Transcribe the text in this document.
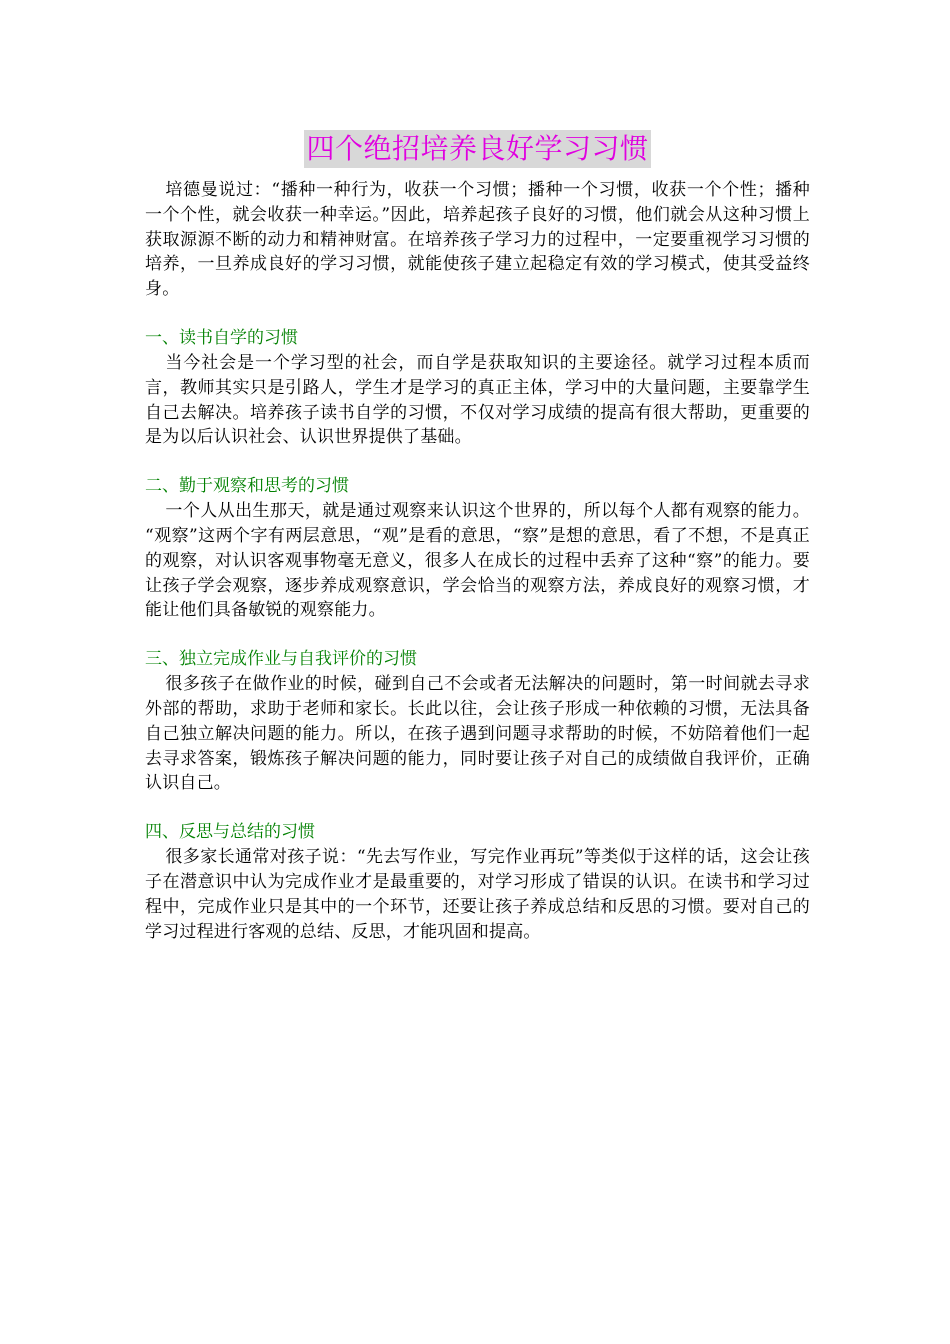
四个绝招培养良好学习习惯

培德曼说过：“播种一种行为，收获一个习惯；播种一个习惯，收获一个个性；播种一个个性，就会收获一种幸运。”因此，培养起孩子良好的习惯，他们就会从这种习惯上获取源源不断的动力和精神财富。在培养孩子学习力的过程中，一定要重视学习习惯的培养，一旦养成良好的学习习惯，就能使孩子建立起稳定有效的学习模式，使其受益终身。

一、读书自学的习惯

当今社会是一个学习型的社会，而自学是获取知识的主要途径。就学习过程本质而言，教师其实只是引路人，学生才是学习的真正主体，学习中的大量问题，主要靠学生自己去解决。培养孩子读书自学的习惯，不仅对学习成绩的提高有很大帮助，更重要的是为以后认识社会、认识世界提供了基础。

二、勤于观察和思考的习惯

一个人从出生那天，就是通过观察来认识这个世界的，所以每个人都有观察的能力。 “观察”这两个字有两层意思，“观”是看的意思，“察”是想的意思，看了不想，不是真正的观察，对认识客观事物毫无意义，很多人在成长的过程中丢弃了这种“察”的能力。要让孩子学会观察，逐步养成观察意识，学会恰当的观察方法，养成良好的观察习惯，才能让他们具备敏锐的观察能力。

三、独立完成作业与自我评价的习惯

很多孩子在做作业的时候，碰到自己不会或者无法解决的问题时，第一时间就去寻求外部的帮助，求助于老师和家长。长此以往，会让孩子形成一种依赖的习惯，无法具备自己独立解决问题的能力。所以，在孩子遇到问题寻求帮助的时候，不妨陪着他们一起去寻求答案，锻炼孩子解决问题的能力，同时要让孩子对自己的成绩做自我评价，正确认识自己。

四、反思与总结的习惯

很多家长通常对孩子说：“先去写作业，写完作业再玩”等类似于这样的话，这会让孩子在潜意识中认为完成作业才是最重要的，对学习形成了错误的认识。在读书和学习过程中，完成作业只是其中的一个环节，还要让孩子养成总结和反思的习惯。要对自己的学习过程进行客观的总结、反思，才能巩固和提高。
